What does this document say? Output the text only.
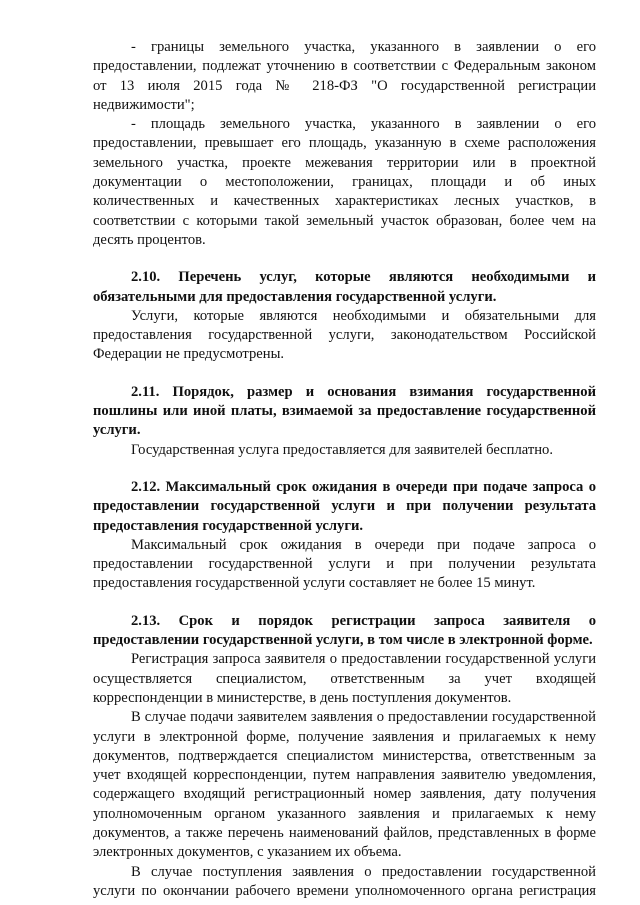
- границы земельного участка, указанного в заявлении о его предоставлении, подлежат уточнению в соответствии с Федеральным законом от 13 июля 2015 года № 218-ФЗ "О государственной регистрации недвижимости";

- площадь земельного участка, указанного в заявлении о его предоставлении, превышает его площадь, указанную в схеме расположения земельного участка, проекте межевания территории или в проектной документации о местоположении, границах, площади и об иных количественных и качественных характеристиках лесных участков, в соответствии с которыми такой земельный участок образован, более чем на десять процентов.

2.10. Перечень услуг, которые являются необходимыми и обязательными для предоставления государственной услуги.

Услуги, которые являются необходимыми и обязательными для предоставления государственной услуги, законодательством Российской Федерации не предусмотрены.

2.11. Порядок, размер и основания взимания государственной пошлины или иной платы, взимаемой за предоставление государственной услуги.

Государственная услуга предоставляется для заявителей бесплатно.

2.12. Максимальный срок ожидания в очереди при подаче запроса о предоставлении государственной услуги и при получении результата предоставления государственной услуги.

Максимальный срок ожидания в очереди при подаче запроса о предоставлении государственной услуги и при получении результата предоставления государственной услуги составляет не более 15 минут.

2.13. Срок и порядок регистрации запроса заявителя о предоставлении государственной услуги, в том числе в электронной форме.

Регистрация запроса заявителя о предоставлении государственной услуги осуществляется специалистом, ответственным за учет входящей корреспонденции в министерстве, в день поступления документов.

В случае подачи заявителем заявления о предоставлении государственной услуги в электронной форме, получение заявления и прилагаемых к нему документов, подтверждается специалистом министерства, ответственным за учет входящей корреспонденции, путем направления заявителю уведомления, содержащего входящий регистрационный номер заявления, дату получения уполномоченным органом указанного заявления и прилагаемых к нему документов, а также перечень наименований файлов, представленных в форме электронных документов, с указанием их объема.

В случае поступления заявления о предоставлении государственной услуги по окончании рабочего времени уполномоченного органа регистрация
